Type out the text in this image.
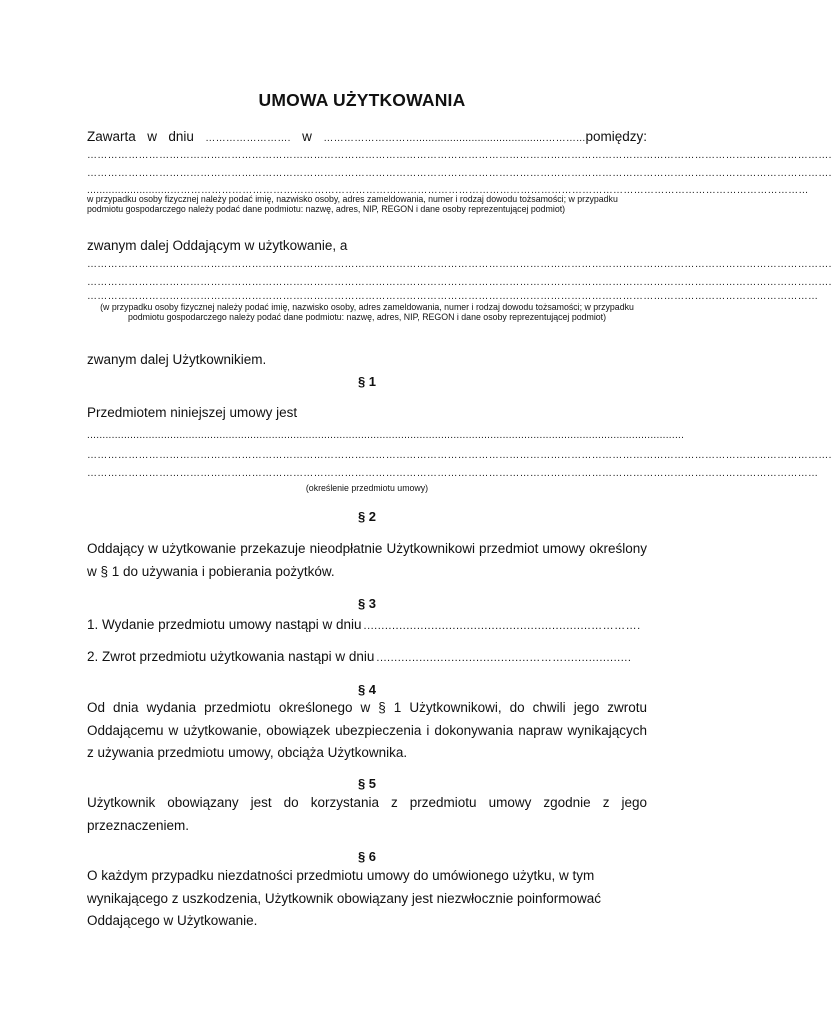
UMOWA UŻYTKOWANIA
Zawarta w dniu ……………………. w ………………………..........................................………... pomiędzy:
……………………………………………………………………………………………………………………………………………………………………………………………….
……………………………………………………………………………………………………………………………………………………………………………………………….
...........................……………………………………………………………………………………………………………………………………………………………………
w przypadku osoby fizycznej należy podać imię, nazwisko osoby, adres zameldowania, numer i rodzaj dowodu tożsamości; w przypadku podmiotu gospodarczego należy podać dane podmiotu: nazwę, adres, NIP, REGON i dane osoby reprezentującej podmiot)
zwanym dalej Oddającym w użytkowanie, a
……………………………………………………………………………………………………………………………………………………………………………………………….
……………………………………………………………………………………………………………………………………………………………………………………………….
……………………………………………………………………………………………………………………………………………………………………………………………
(w przypadku osoby fizycznej należy podać imię, nazwisko osoby, adres zameldowania, numer i rodzaj dowodu tożsamości; w przypadku podmiotu gospodarczego należy podać dane podmiotu: nazwę, adres, NIP, REGON i dane osoby reprezentującej podmiot)
zwanym dalej Użytkownikiem.
§ 1
Przedmiotem niniejszej umowy jest
..................................................................................................................................................................................................
……………………………………………………………………………………………………………………………………………………………………………………………….
……………………………………………………………………………………………………………………………………………………………………………………………
(określenie przedmiotu umowy)
§ 2
Oddający w użytkowanie przekazuje nieodpłatnie Użytkownikowi przedmiot umowy określony w § 1 do używania i pobierania pożytków.
§ 3
1. Wydanie przedmiotu umowy nastąpi w dniu ................................................................………….
2. Zwrot przedmiotu użytkowania nastąpi w dniu ...........................................………...................
§ 4
Od dnia wydania przedmiotu określonego w § 1 Użytkownikowi, do chwili jego zwrotu Oddającemu w użytkowanie, obowiązek ubezpieczenia i dokonywania napraw wynikających z używania przedmiotu umowy, obciąża Użytkownika.
§ 5
Użytkownik obowiązany jest do korzystania z przedmiotu umowy zgodnie z jego przeznaczeniem.
§ 6
O każdym przypadku niezdatności przedmiotu umowy do umówionego użytku, w tym wynikającego z uszkodzenia, Użytkownik obowiązany jest niezwłocznie poinformować Oddającego w Użytkowanie.
